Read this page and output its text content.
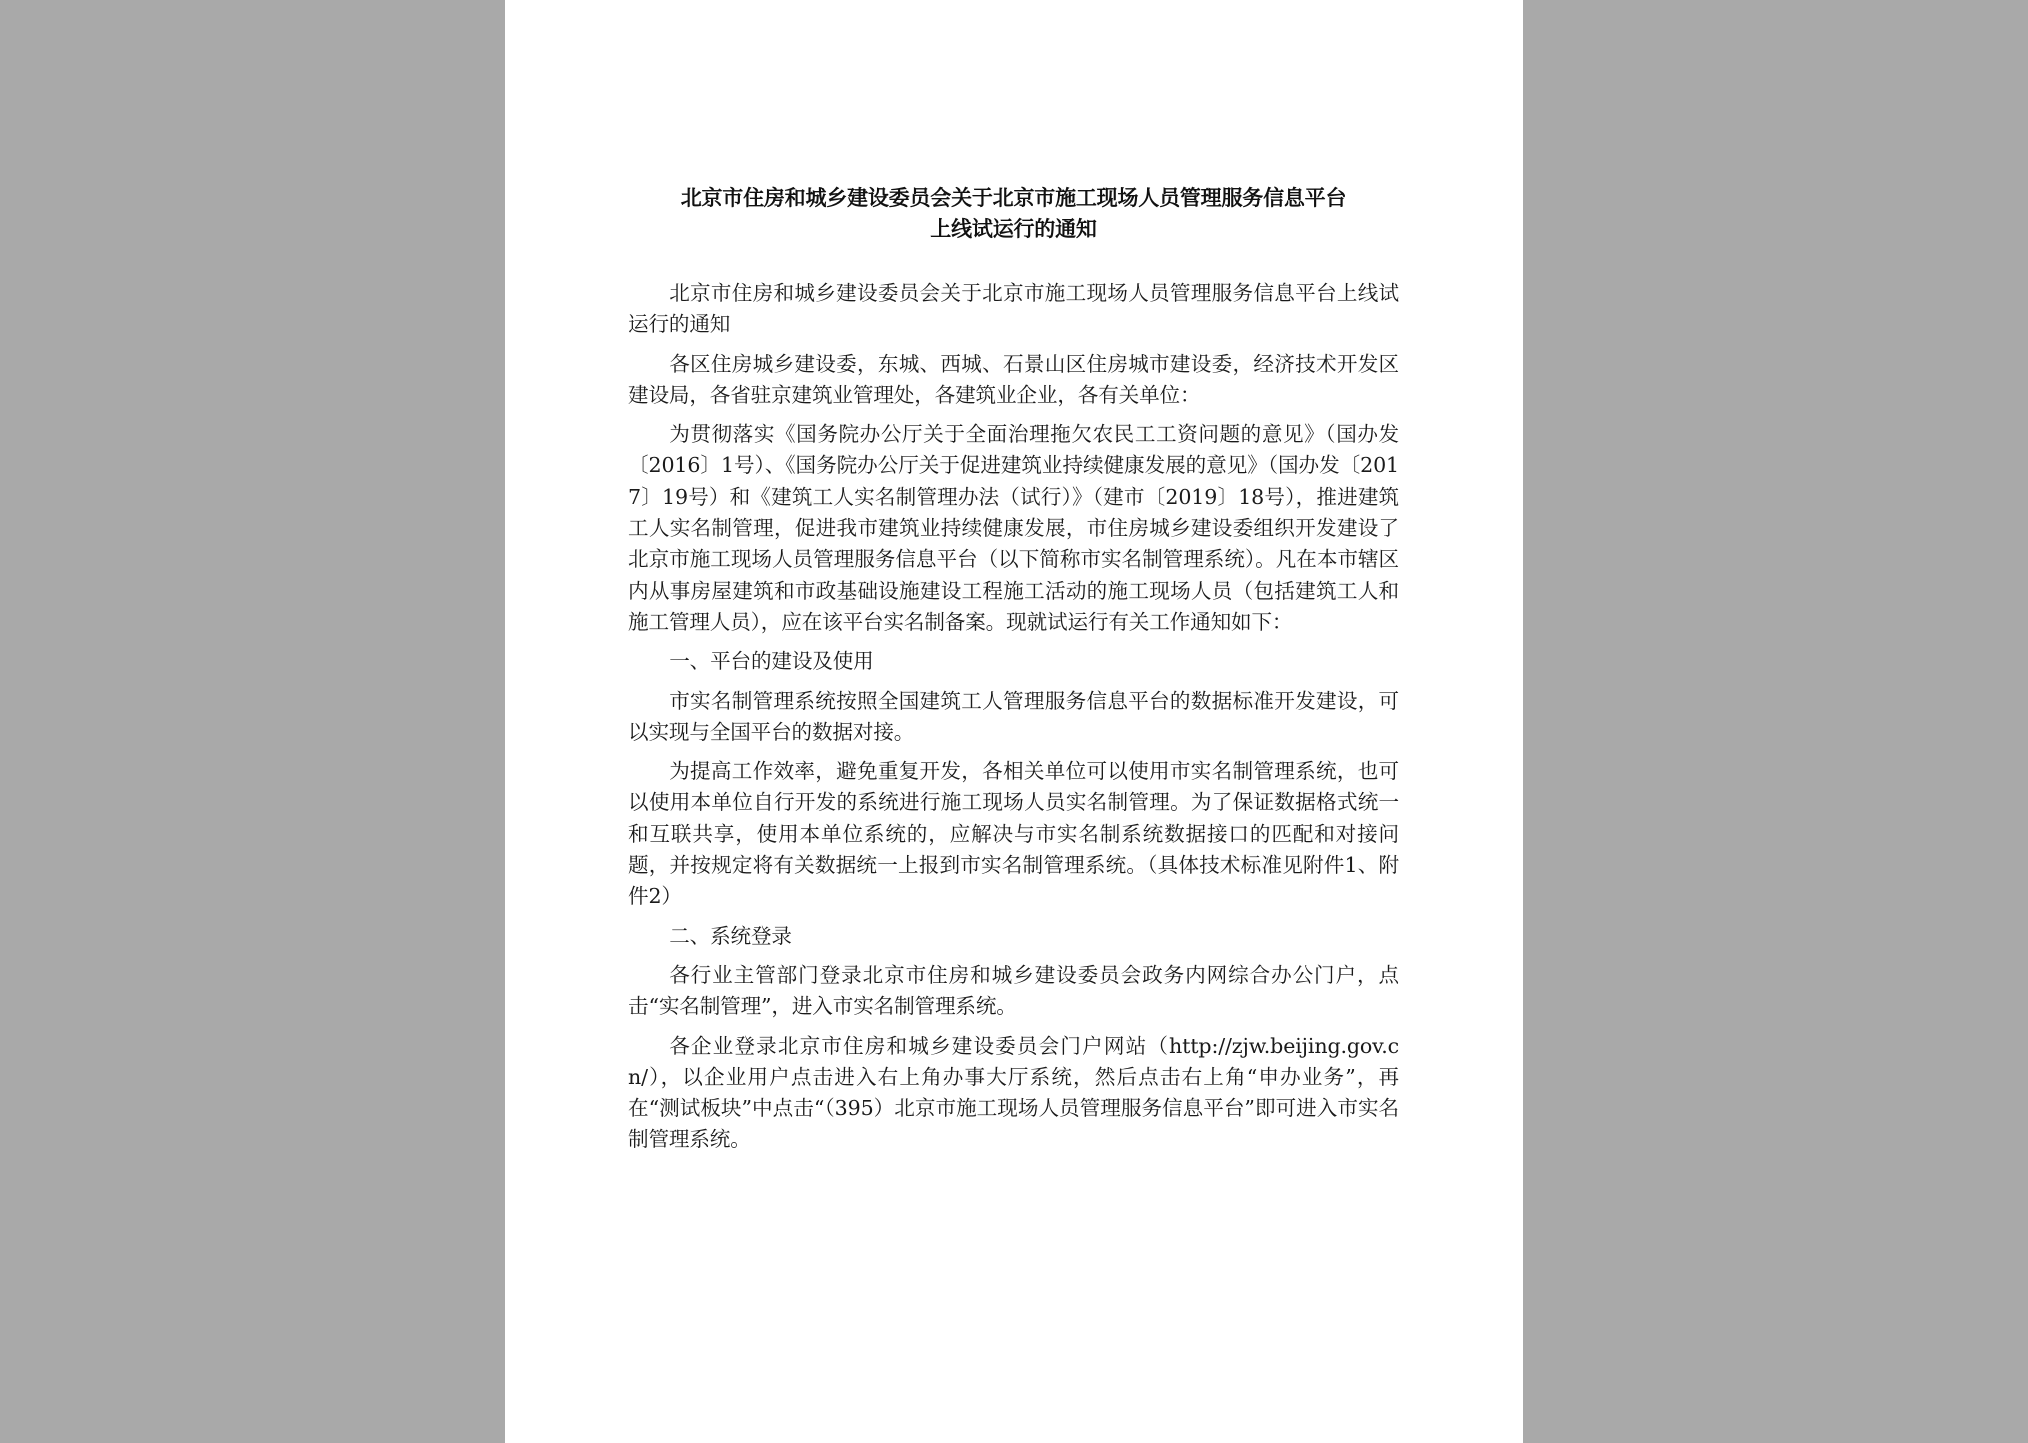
北京市住房和城乡建设委员会关于北京市施工现场人员管理服务信息平台
上线试运行的通知

北京市住房和城乡建设委员会关于北京市施工现场人员管理服务信息平台上线试运行的通知

各区住房城乡建设委，东城、西城、石景山区住房城市建设委，经济技术开发区建设局，各省驻京建筑业管理处，各建筑业企业，各有关单位：

为贯彻落实《国务院办公厅关于全面治理拖欠农民工工资问题的意见》（国办发〔2016〕1号）、《国务院办公厅关于促进建筑业持续健康发展的意见》（国办发〔2017〕19号）和《建筑工人实名制管理办法（试行）》（建市〔2019〕18号），推进建筑工人实名制管理，促进我市建筑业持续健康发展，市住房城乡建设委组织开发建设了北京市施工现场人员管理服务信息平台（以下简称市实名制管理系统）。凡在本市辖区内从事房屋建筑和市政基础设施建设工程施工活动的施工现场人员（包括建筑工人和施工管理人员），应在该平台实名制备案。现就试运行有关工作通知如下：

一、平台的建设及使用

市实名制管理系统按照全国建筑工人管理服务信息平台的数据标准开发建设，可以实现与全国平台的数据对接。

为提高工作效率，避免重复开发，各相关单位可以使用市实名制管理系统，也可以使用本单位自行开发的系统进行施工现场人员实名制管理。为了保证数据格式统一和互联共享，使用本单位系统的，应解决与市实名制系统数据接口的匹配和对接问题，并按规定将有关数据统一上报到市实名制管理系统。（具体技术标准见附件1、附件2）

二、系统登录

各行业主管部门登录北京市住房和城乡建设委员会政务内网综合办公门户，点击“实名制管理”，进入市实名制管理系统。

各企业登录北京市住房和城乡建设委员会门户网站（http://zjw.beijing.gov.cn/），以企业用户点击进入右上角办事大厅系统，然后点击右上角“申办业务”，再在“测试板块”中点击“（395）北京市施工现场人员管理服务信息平台”即可进入市实名制管理系统。
